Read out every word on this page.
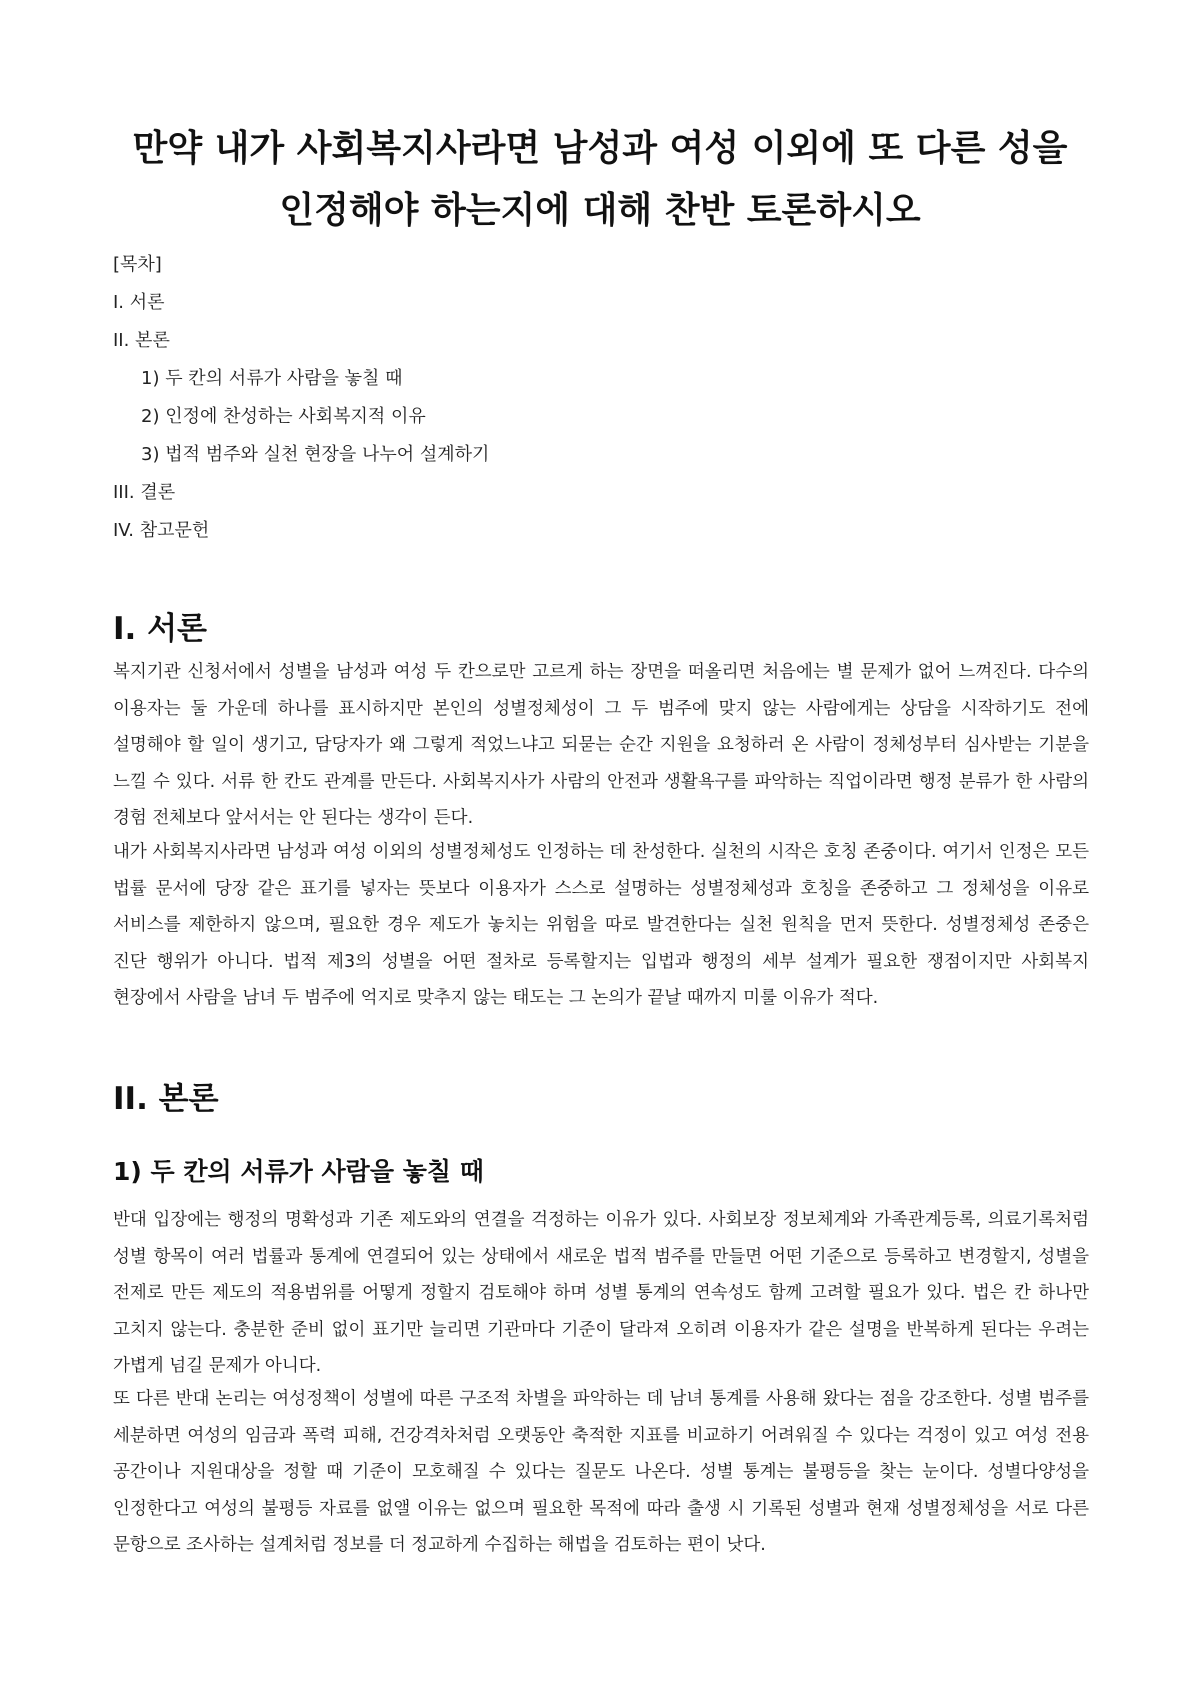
만약 내가 사회복지사라면 남성과 여성 이외에 또 다른 성을 인정해야 하는지에 대해 찬반 토론하시오
[목차]
I. 서론
II. 본론
1) 두 칸의 서류가 사람을 놓칠 때
2) 인정에 찬성하는 사회복지적 이유
3) 법적 범주와 실천 현장을 나누어 설계하기
III. 결론
IV. 참고문헌
I. 서론

복지기관 신청서에서 성별을 남성과 여성 두 칸으로만 고르게 하는 장면을 떠올리면 처음에는 별 문제가 없어 느껴진다. 다수의 이용자는 둘 가운데 하나를 표시하지만 본인의 성별정체성이 그 두 범주에 맞지 않는 사람에게는 상담을 시작하기도 전에 설명해야 할 일이 생기고, 담당자가 왜 그렇게 적었느냐고 되묻는 순간 지원을 요청하러 온 사람이 정체성부터 심사받는 기분을 느낄 수 있다. 서류 한 칸도 관계를 만든다. 사회복지사가 사람의 안전과 생활욕구를 파악하는 직업이라면 행정 분류가 한 사람의 경험 전체보다 앞서서는 안 된다는 생각이 든다.

내가 사회복지사라면 남성과 여성 이외의 성별정체성도 인정하는 데 찬성한다. 실천의 시작은 호칭 존중이다. 여기서 인정은 모든 법률 문서에 당장 같은 표기를 넣자는 뜻보다 이용자가 스스로 설명하는 성별정체성과 호칭을 존중하고 그 정체성을 이유로 서비스를 제한하지 않으며, 필요한 경우 제도가 놓치는 위험을 따로 발견한다는 실천 원칙을 먼저 뜻한다. 성별정체성 존중은 진단 행위가 아니다. 법적 제3의 성별을 어떤 절차로 등록할지는 입법과 행정의 세부 설계가 필요한 쟁점이지만 사회복지 현장에서 사람을 남녀 두 범주에 억지로 맞추지 않는 태도는 그 논의가 끝날 때까지 미룰 이유가 적다.

II. 본론
1) 두 칸의 서류가 사람을 놓칠 때

반대 입장에는 행정의 명확성과 기존 제도와의 연결을 걱정하는 이유가 있다. 사회보장 정보체계와 가족관계등록, 의료기록처럼 성별 항목이 여러 법률과 통계에 연결되어 있는 상태에서 새로운 법적 범주를 만들면 어떤 기준으로 등록하고 변경할지, 성별을 전제로 만든 제도의 적용범위를 어떻게 정할지 검토해야 하며 성별 통계의 연속성도 함께 고려할 필요가 있다. 법은 칸 하나만 고치지 않는다. 충분한 준비 없이 표기만 늘리면 기관마다 기준이 달라져 오히려 이용자가 같은 설명을 반복하게 된다는 우려는 가볍게 넘길 문제가 아니다.

또 다른 반대 논리는 여성정책이 성별에 따른 구조적 차별을 파악하는 데 남녀 통계를 사용해 왔다는 점을 강조한다. 성별 범주를 세분하면 여성의 임금과 폭력 피해, 건강격차처럼 오랫동안 축적한 지표를 비교하기 어려워질 수 있다는 걱정이 있고 여성 전용 공간이나 지원대상을 정할 때 기준이 모호해질 수 있다는 질문도 나온다. 성별 통계는 불평등을 찾는 눈이다. 성별다양성을 인정한다고 여성의 불평등 자료를 없앨 이유는 없으며 필요한 목적에 따라 출생 시 기록된 성별과 현재 성별정체성을 서로 다른 문항으로 조사하는 설계처럼 정보를 더 정교하게 수집하는 해법을 검토하는 편이 낫다.
